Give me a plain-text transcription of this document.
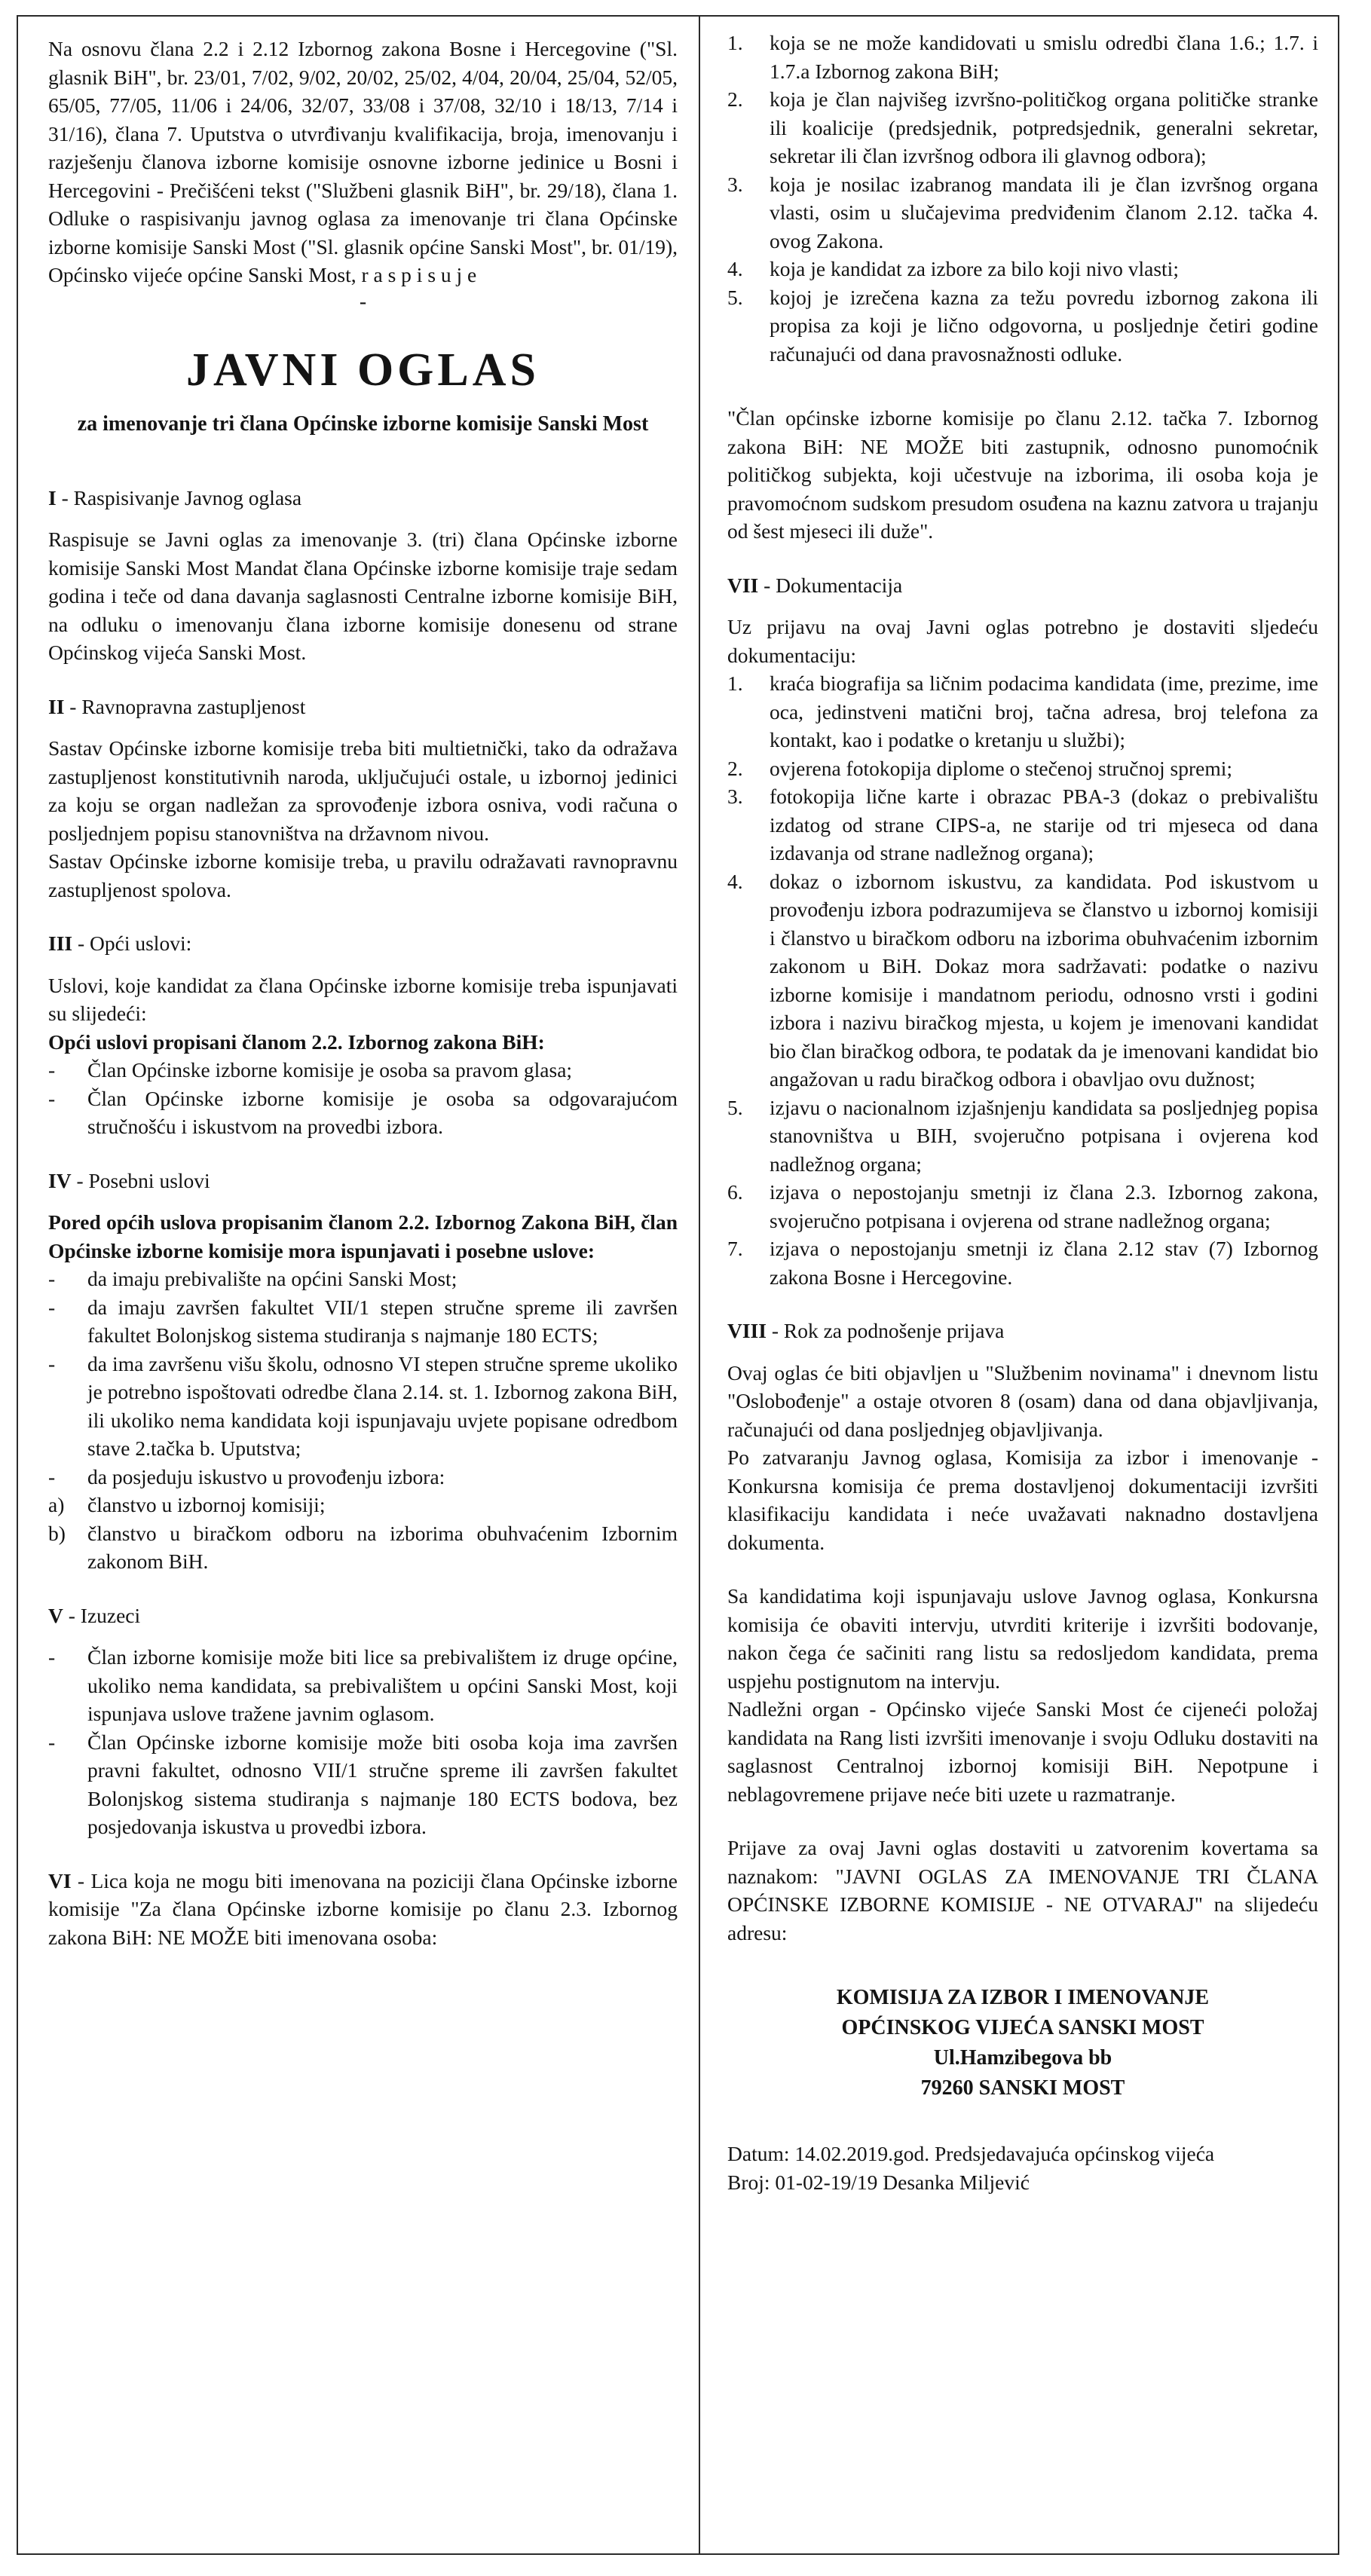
Na osnovu člana 2.2 i 2.12 Izbornog zakona Bosne i Hercegovine ("Sl. glasnik BiH", br. 23/01, 7/02, 9/02, 20/02, 25/02, 4/04, 20/04, 25/04, 52/05, 65/05, 77/05, 11/06 i 24/06, 32/07, 33/08 i 37/08, 32/10 i 18/13, 7/14 i 31/16), člana 7. Uputstva o utvrđivanju kvalifikacija, broja, imenovanju i razješenju članova izborne komisije osnovne izborne jedinice u Bosni i Hercegovini - Prečišćeni tekst ("Službeni glasnik BiH", br. 29/18), člana 1. Odluke o raspisivanju javnog oglasa za imenovanje tri člana Općinske izborne komisije Sanski Most ("Sl. glasnik općine Sanski Most", br. 01/19), Općinsko vijeće općine Sanski Most, r a s p i s u j e

‐
JAVNI OGLAS
za imenovanje tri člana Općinske izborne komisije Sanski Most
I - Raspisivanje Javnog oglasa

Raspisuje se Javni oglas za imenovanje 3. (tri) člana Općinske izborne komisije Sanski Most Mandat člana Općinske izborne komisije traje sedam godina i teče od dana davanja saglasnosti Centralne izborne komisije BiH, na odluku o imenovanju člana izborne komisije donesenu od strane Općinskog vijeća Sanski Most.

II - Ravnopravna zastupljenost

Sastav Općinske izborne komisije treba biti multietnički, tako da odražava zastupljenost konstitutivnih naroda, uključujući ostale, u izbornoj jedinici za koju se organ nadležan za sprovođenje izbora osniva, vodi računa o posljednjem popisu stanovništva na državnom nivou.

Sastav Općinske izborne komisije treba, u pravilu odražavati ravnopravnu zastupljenost spolova.

III - Opći uslovi:

Uslovi, koje kandidat za člana Općinske izborne komisije treba ispunjavati su slijedeći:

Opći uslovi propisani članom 2.2. Izbornog zakona BiH:

-	Član Općinske izborne komisije je osoba sa pravom glasa;
-	Član Općinske izborne komisije je osoba sa odgovarajućom stručnošću i iskustvom na provedbi izbora.
IV - Posebni uslovi

Pored općih uslova propisanim članom 2.2. Izbornog Zakona BiH, član Općinske izborne komisije mora ispunjavati i posebne uslove:

-	da imaju prebivalište na općini Sanski Most;
-	da imaju završen fakultet VII/1 stepen stručne spreme ili završen fakultet Bolonjskog sistema studiranja s najmanje 180 ECTS;
-	da ima završenu višu školu, odnosno VI stepen stručne spreme ukoliko je potrebno ispoštovati odredbe člana 2.14. st. 1. Izbornog zakona BiH, ili ukoliko nema kandidata koji ispunjavaju uvjete popisane odredbom stave 2.tačka b. Uputstva;
-	da posjeduju iskustvo u provođenju izbora:
a)	članstvo u izbornoj komisiji;
b)	članstvo u biračkom odboru na izborima obuhvaćenim Izbornim zakonom BiH.
V - Izuzeci
-	Član izborne komisije može biti lice sa prebivalištem iz druge općine, ukoliko nema kandidata, sa prebivalištem u općini Sanski Most, koji ispunjava uslove tražene javnim oglasom.
-	Član Općinske izborne komisije može biti osoba koja ima završen pravni fakultet, odnosno VII/1 stručne spreme ili završen fakultet Bolonjskog sistema studiranja s najmanje 180 ECTS bodova, bez posjedovanja iskustva u provedbi izbora.

VI - Lica koja ne mogu biti imenovana na poziciji člana Općinske izborne komisije "Za člana Općinske izborne komisije po članu 2.3. Izbornog zakona BiH: NE MOŽE biti imenovana osoba:

1.	koja se ne može kandidovati u smislu odredbi člana 1.6.; 1.7. i 1.7.a Izbornog zakona BiH;
2.	koja je član najvišeg izvršno-političkog organa političke stranke ili koalicije (predsjednik, potpredsjednik, generalni sekretar, sekretar ili član izvršnog odbora ili glavnog odbora);
3.	koja je nosilac izabranog mandata ili je član izvršnog organa vlasti, osim u slučajevima predviđenim članom 2.12. tačka 4. ovog Zakona.
4.	koja je kandidat za izbore za bilo koji nivo vlasti;
5.	kojoj je izrečena kazna za težu povredu izbornog zakona ili propisa za koji je lično odgovorna, u posljednje četiri godine računajući od dana pravosnažnosti odluke.

"Član općinske izborne komisije po članu 2.12. tačka 7. Izbornog zakona BiH: NE MOŽE biti zastupnik, odnosno punomoćnik političkog subjekta, koji učestvuje na izborima, ili osoba koja je pravomoćnom sudskom presudom osuđena na kaznu zatvora u trajanju od šest mjeseci ili duže".

VII - Dokumentacija

Uz prijavu na ovaj Javni oglas potrebno je dostaviti sljedeću dokumentaciju:

1.	kraća biografija sa ličnim podacima kandidata (ime, prezime, ime oca, jedinstveni matični broj, tačna adresa, broj telefona za kontakt, kao i podatke o kretanju u službi);
2.	ovjerena fotokopija diplome o stečenoj stručnoj spremi;
3.	fotokopija lične karte i obrazac PBA-3 (dokaz o prebivalištu izdatog od strane CIPS-a, ne starije od tri mjeseca od dana izdavanja od strane nadležnog organa);
4.	dokaz o izbornom iskustvu, za kandidata. Pod iskustvom u provođenju izbora podrazumijeva se članstvo u izbornoj komisiji i članstvo u biračkom odboru na izborima obuhvaćenim izbornim zakonom u BiH. Dokaz mora sadržavati: podatke o nazivu izborne komisije i mandatnom periodu, odnosno vrsti i godini izbora i nazivu biračkog mjesta, u kojem je imenovani kandidat bio član biračkog odbora, te podatak da je imenovani kandidat bio angažovan u radu biračkog odbora i obavljao ovu dužnost;
5.	izjavu o nacionalnom izjašnjenju kandidata sa posljednjeg popisa stanovništva u BIH, svojeručno potpisana i ovjerena kod nadležnog organa;
6.	izjava o nepostojanju smetnji iz člana 2.3. Izbornog zakona, svojeručno potpisana i ovjerena od strane nadležnog organa;
7.	izjava o nepostojanju smetnji iz člana 2.12 stav (7) Izbornog zakona Bosne i Hercegovine.
VIII - Rok za podnošenje prijava

Ovaj oglas će biti objavljen u "Službenim novinama" i dnevnom listu "Oslobođenje" a ostaje otvoren 8 (osam) dana od dana objavljivanja, računajući od dana posljednjeg objavljivanja.

Po zatvaranju Javnog oglasa, Komisija za izbor i imenovanje - Konkursna komisija će prema dostavljenoj dokumentaciji izvršiti klasifikaciju kandidata i neće uvažavati naknadno dostavljena dokumenta.

Sa kandidatima koji ispunjavaju uslove Javnog oglasa, Konkursna komisija će obaviti intervju, utvrditi kriterije i izvršiti bodovanje, nakon čega će sačiniti rang listu sa redosljedom kandidata, prema uspjehu postignutom na intervju.

Nadležni organ - Općinsko vijeće Sanski Most će cijeneći položaj kandidata na Rang listi izvršiti imenovanje i svoju Odluku dostaviti na saglasnost Centralnoj izbornoj komisiji BiH. Nepotpune i neblagovremene prijave neće biti uzete u razmatranje.

Prijave za ovaj Javni oglas dostaviti u zatvorenim kovertama sa naznakom: "JAVNI OGLAS ZA IMENOVANJE TRI ČLANA OPĆINSKE IZBORNE KOMISIJE - NE OTVARAJ" na slijedeću adresu:

KOMISIJA ZA IZBOR I IMENOVANJE
OPĆINSKOG VIJEĆA SANSKI MOST
Ul.Hamzibegova bb
79260 SANSKI MOST
Datum: 14.02.2019.god. Predsjedavajuća općinskog vijeća
Broj: 01-02-19/19 Desanka Miljević
